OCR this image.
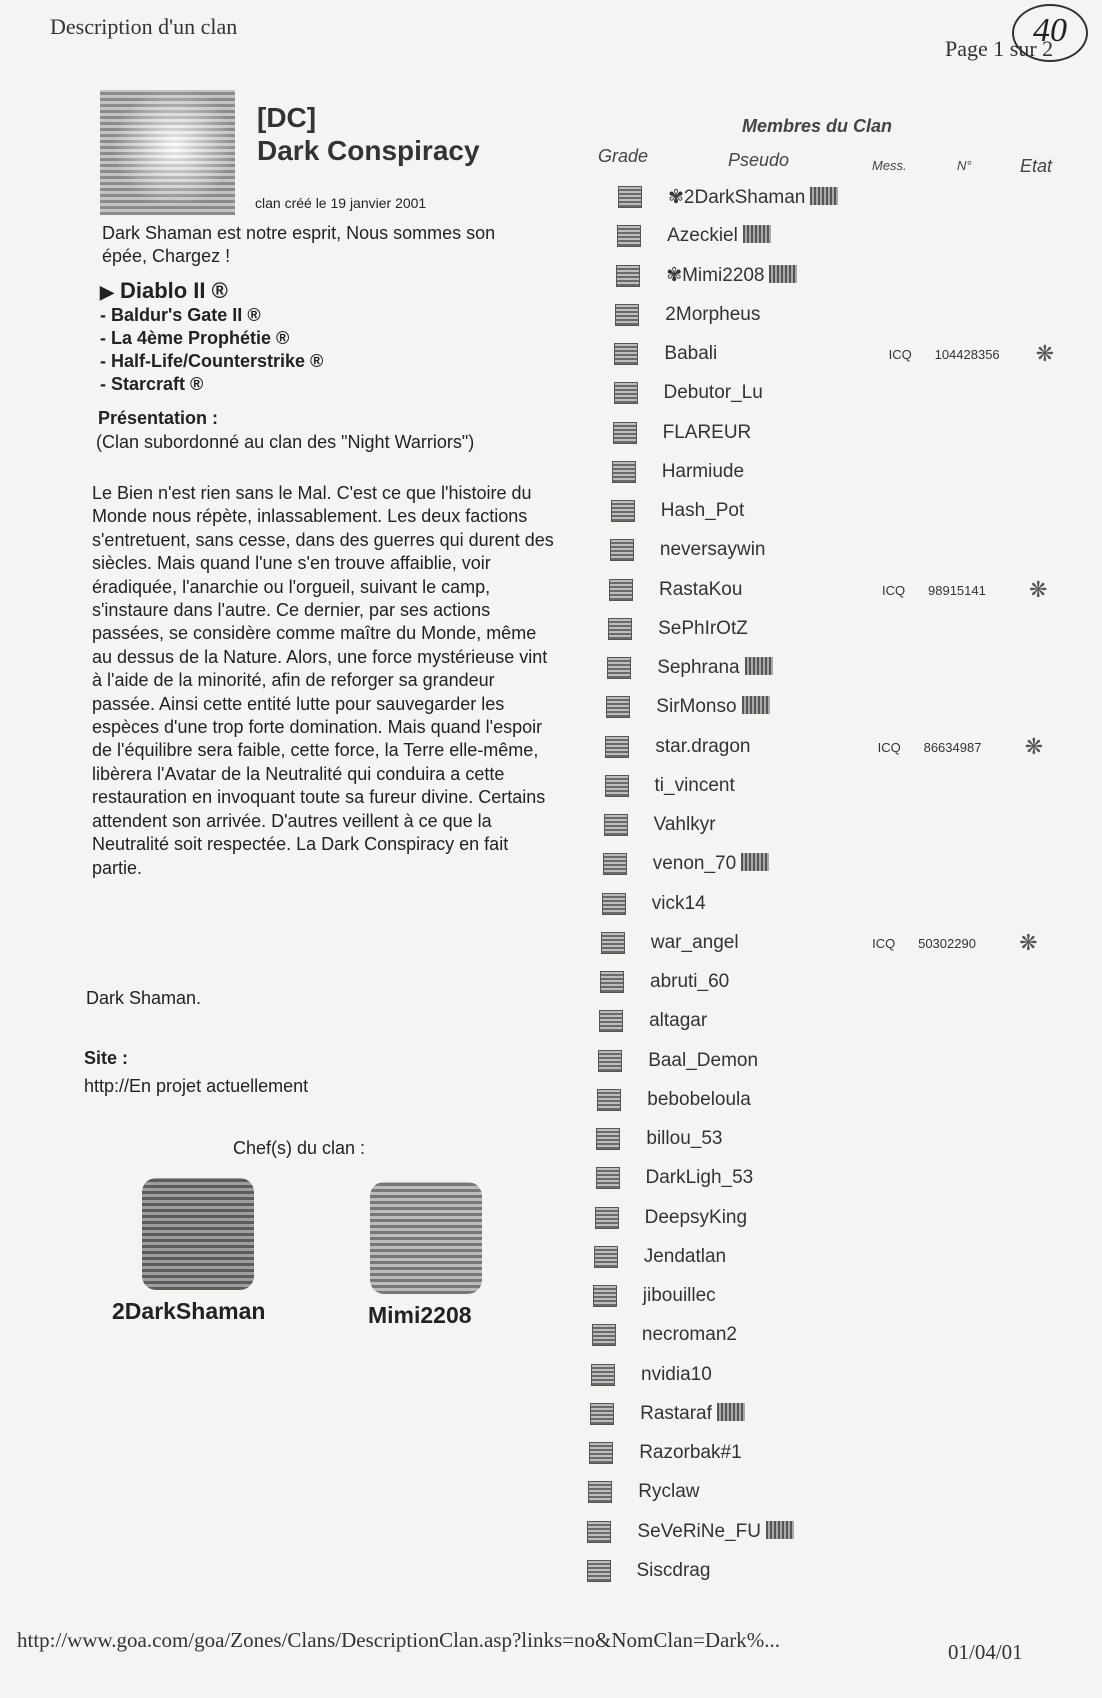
Description d'un clan
Page 1 sur 2
40
[DC]
Dark Conspiracy
clan créé le 19 janvier 2001
Dark Shaman est notre esprit, Nous sommes son épée, Chargez !
▶ Diablo II ®
- Baldur's Gate II ®
- La 4ème Prophétie ®
- Half-Life/Counterstrike ®
- Starcraft ®
Présentation :
(Clan subordonné au clan des "Night Warriors")
Le Bien n'est rien sans le Mal. C'est ce que l'histoire du Monde nous répète, inlassablement. Les deux factions s'entretuent, sans cesse, dans des guerres qui durent des siècles. Mais quand l'une s'en trouve affaiblie, voir éradiquée, l'anarchie ou l'orgueil, suivant le camp, s'instaure dans l'autre. Ce dernier, par ses actions passées, se considère comme maître du Monde, même au dessus de la Nature. Alors, une force mystérieuse vint à l'aide de la minorité, afin de reforger sa grandeur passée. Ainsi cette entité lutte pour sauvegarder les espèces d'une trop forte domination. Mais quand l'espoir de l'équilibre sera faible, cette force, la Terre elle-même, libèrera l'Avatar de la Neutralité qui conduira a cette restauration en invoquant toute sa fureur divine. Certains attendent son arrivée. D'autres veillent à ce que la Neutralité soit respectée. La Dark Conspiracy en fait partie.
Dark Shaman.
Site :
http://En projet actuellement
Chef(s) du clan :
2DarkShaman	Mimi2208
Membres du Clan
Grade	Pseudo	Mess.	N°	Etat
✾2DarkShaman
Azeckiel
✾Mimi2208
2Morpheus
Babali	ICQ 104428356 ❋
Debutor_Lu
FLAREUR
Harmiude
Hash_Pot
neversaywin
RastaKou	ICQ 98915141 ❋
SePhIrOtZ
Sephrana
SirMonso
star.dragon	ICQ 86634987 ❋
ti_vincent
Vahlkyr
venon_70
vick14
war_angel	ICQ 50302290 ❋
abruti_60
altagar
Baal_Demon
bebobeloula
billou_53
DarkLigh_53
DeepsyKing
Jendatlan
jibouillec
necroman2
nvidia10
Rastaraf
Razorbak#1
Ryclaw
SeVeRiNe_FU
Siscdrag
http://www.goa.com/goa/Zones/Clans/DescriptionClan.asp?links=no&NomClan=Dark%...	01/04/01
